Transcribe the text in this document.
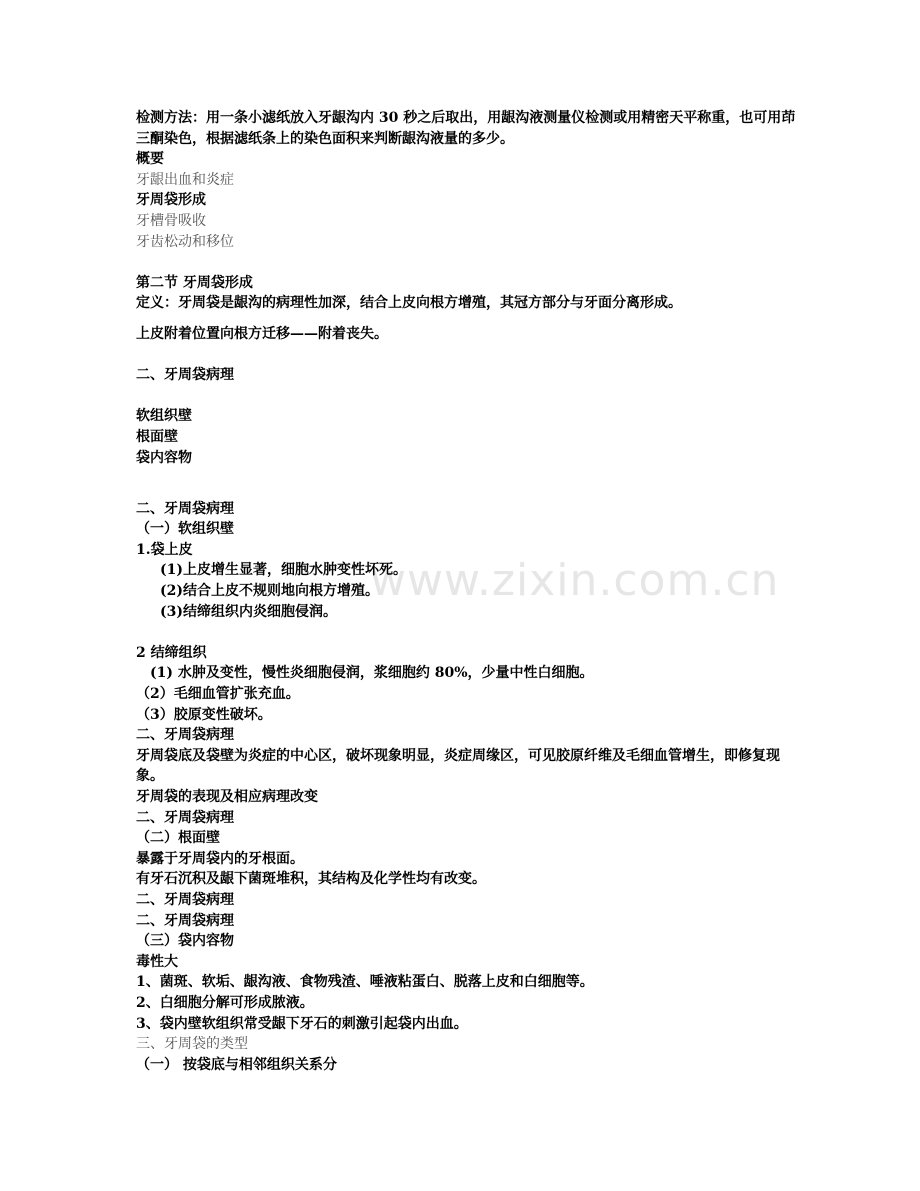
www.zixin.com.cn
检测方法：用一条小滤纸放入牙龈沟内 30 秒之后取出，用龈沟液测量仪检测或用精密天平称重，也可用茚三酮染色，根据滤纸条上的染色面积来判断龈沟液量的多少。
概要
牙龈出血和炎症
牙周袋形成
牙槽骨吸收
牙齿松动和移位
第二节 牙周袋形成
定义：牙周袋是龈沟的病理性加深，结合上皮向根方增殖，其冠方部分与牙面分离形成。
上皮附着位置向根方迁移——附着丧失。
二、牙周袋病理
软组织壁
根面壁
袋内容物
二、牙周袋病理
（一）软组织壁
1.袋上皮
(1)上皮增生显著，细胞水肿变性坏死。
(2)结合上皮不规则地向根方增殖。
(3)结缔组织内炎细胞侵润。
2 结缔组织
(1) 水肿及变性，慢性炎细胞侵润，浆细胞约 80%，少量中性白细胞。
（2）毛细血管扩张充血。
（3）胶原变性破坏。
二、牙周袋病理
牙周袋底及袋壁为炎症的中心区，破坏现象明显，炎症周缘区，可见胶原纤维及毛细血管增生，即修复现象。
牙周袋的表现及相应病理改变
二、牙周袋病理
（二）根面壁
暴露于牙周袋内的牙根面。
有牙石沉积及龈下菌斑堆积，其结构及化学性均有改变。
二、牙周袋病理
二、牙周袋病理
（三）袋内容物
毒性大
1、菌斑、软垢、龈沟液、食物残渣、唾液粘蛋白、脱落上皮和白细胞等。
2、白细胞分解可形成脓液。
3、袋内壁软组织常受龈下牙石的刺激引起袋内出血。
三、牙周袋的类型
（一） 按袋底与相邻组织关系分
